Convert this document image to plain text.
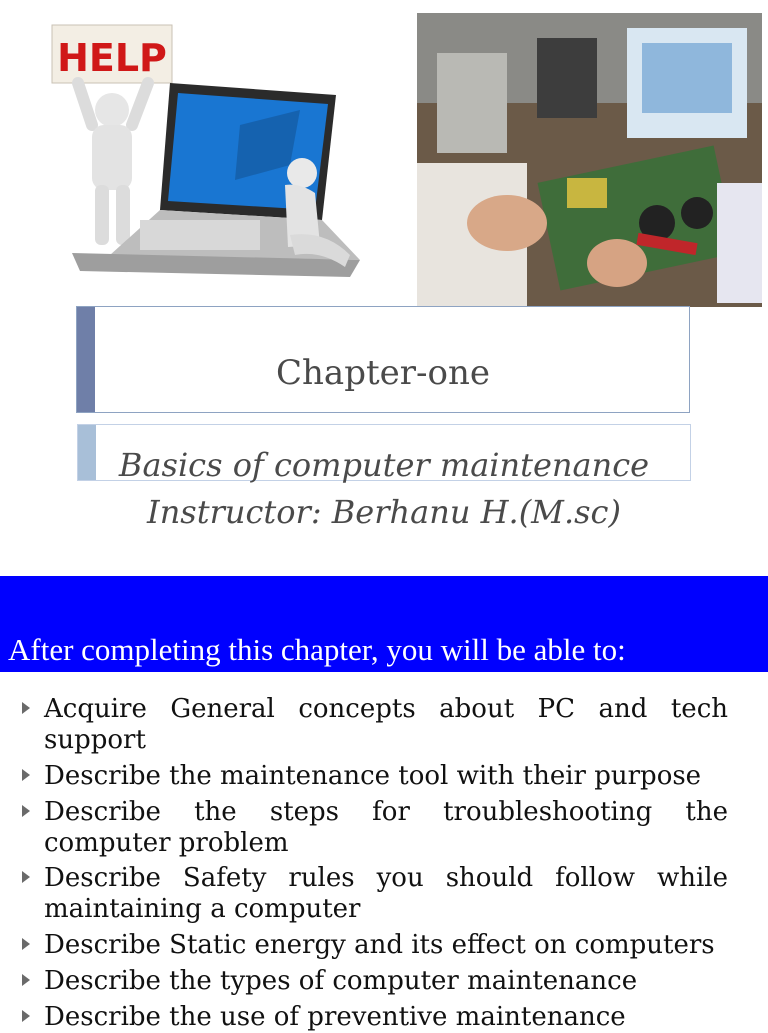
HELP
Chapter-one
Basics of computer maintenance
Instructor: Berhanu H.(M.sc)
After completing this chapter, you will be able to:
Acquire General concepts about PC and tech support
Describe the maintenance tool with their purpose
Describe the steps for troubleshooting the computer problem
Describe Safety rules you should follow while maintaining a computer
Describe Static energy and its effect on computers
Describe the types of computer maintenance
Describe the use of preventive maintenance
